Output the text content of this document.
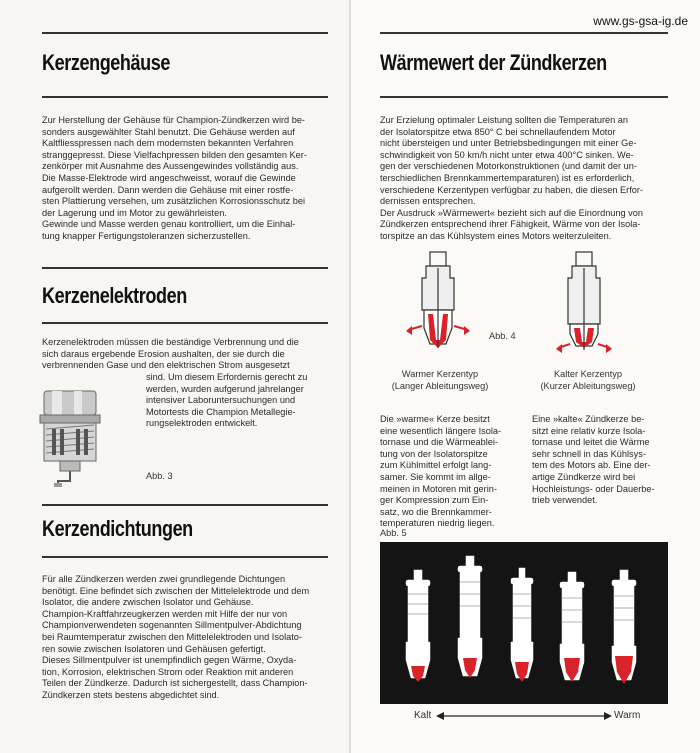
www.gs-gsa-ig.de
Kerzengehäuse

Zur Herstellung der Gehäuse für Champion-Zündkerzen wird be-

sonders ausgewählter Stahl benutzt. Die Gehäuse werden auf

Kaltfliesspressen nach dem modernsten bekannten Verfahren

stranggepresst. Diese Vielfachpressen bilden den gesamten Ker-

zenkörper mit Ausnahme des Aussengewindes vollständig aus.

Die Masse-Elektrode wird angeschweisst, worauf die Gewinde

aufgerollt werden. Dann werden die Gehäuse mit einer rostfe-

sten Plattierung versehen, um zusätzlichen Korrosionsschutz bei

der Lagerung und im Motor zu gewährleisten.

Gewinde und Masse werden genau kontrolliert, um die Einhal-

tung knapper Fertigungstoleranzen sicherzustellen.

Kerzenelektroden

Kerzenelektroden müssen die beständige Verbrennung und die

sich daraus ergebende Erosion aushalten, der sie durch die

verbrennenden Gase und den elektrischen Strom ausgesetzt

sind. Um diesem Erfordernis gerecht zu

werden, wurden aufgerund jahrelanger

intensiver Laboruntersuchungen und

Motortests die Champion Metallegie-

rungselektroden entwickelt.

Abb. 3
Kerzendichtungen

Für alle Zündkerzen werden zwei grundlegende Dichtungen

benötigt. Eine befindet sich zwischen der Mittelelektrode und dem

Isolator, die andere zwischen Isolator und Gehäuse.

Champion-Kraftfahrzeugkerzen werden mit Hilfe der nur von

Championverwendeten sogenannten Sillmentpulver-Abdichtung

bei Raumtemperatur zwischen den Mittelelektroden und Isolato-

ren sowie zwischen Isolatoren und Gehäusen gefertigt.

Dieses Sillmentpulver ist unempfindlich gegen Wärme, Oxyda-

tion, Korrosion, elektrischen Strom oder Reaktion mit anderen

Teilen der Zündkerze. Dadurch ist sichergestellt, dass Champion-

Zündkerzen stets bestens abgedichtet sind.

Wärmewert der Zündkerzen

Zur Erzielung optimaler Leistung sollten die Temperaturen an

der Isolatorspitze etwa 850° C bei schnellaufendem Motor

nicht übersteigen und unter Betriebsbedingungen mit einer Ge-

schwindigkeit von 50 km/h nicht unter etwa 400°C sinken. We-

gen der verschiedenen Motorkonstruktionen (und damit der un-

terschiedlichen Brennkammertemparaturen) ist es erforderlich,

verschiedene Kerzentypen verfügbar zu haben, die diesen Erfor-

dernissen entsprechen.

Der Ausdruck »Wärmewert« bezieht sich auf die Einordnung von

Zündkerzen entsprechend ihrer Fähigkeit, Wärme von der Isola-

torspitze an das Kühlsystem eines Motors weiterzuleiten.

Abb. 4
Warmer Kerzentyp
(Langer Ableitungsweg)
Kalter Kerzentyp
(Kurzer Ableitungsweg)

Die »warme« Kerze besitzt

eine wesentlich längere Isola-

tornase und die Wärmeablei-

tung von der Isolatorspitze

zum Kühlmittel erfolgt lang-

samer. Sie kommt im allge-

meinen in Motoren mit gerin-

ger Kompression zum Ein-

satz, wo die Brennkammer-

temperaturen niedrig liegen.

Eine »kalte« Zündkerze be-

sitzt eine relativ kurze Isola-

tornase und leitet die Wärme

sehr schnell in das Kühlsys-

tem des Motors ab. Eine der-

artige Zündkerze wird bei

Hochleistungs- oder Dauerbe-

trieb verwendet.

Abb. 5
Kalt	Warm
